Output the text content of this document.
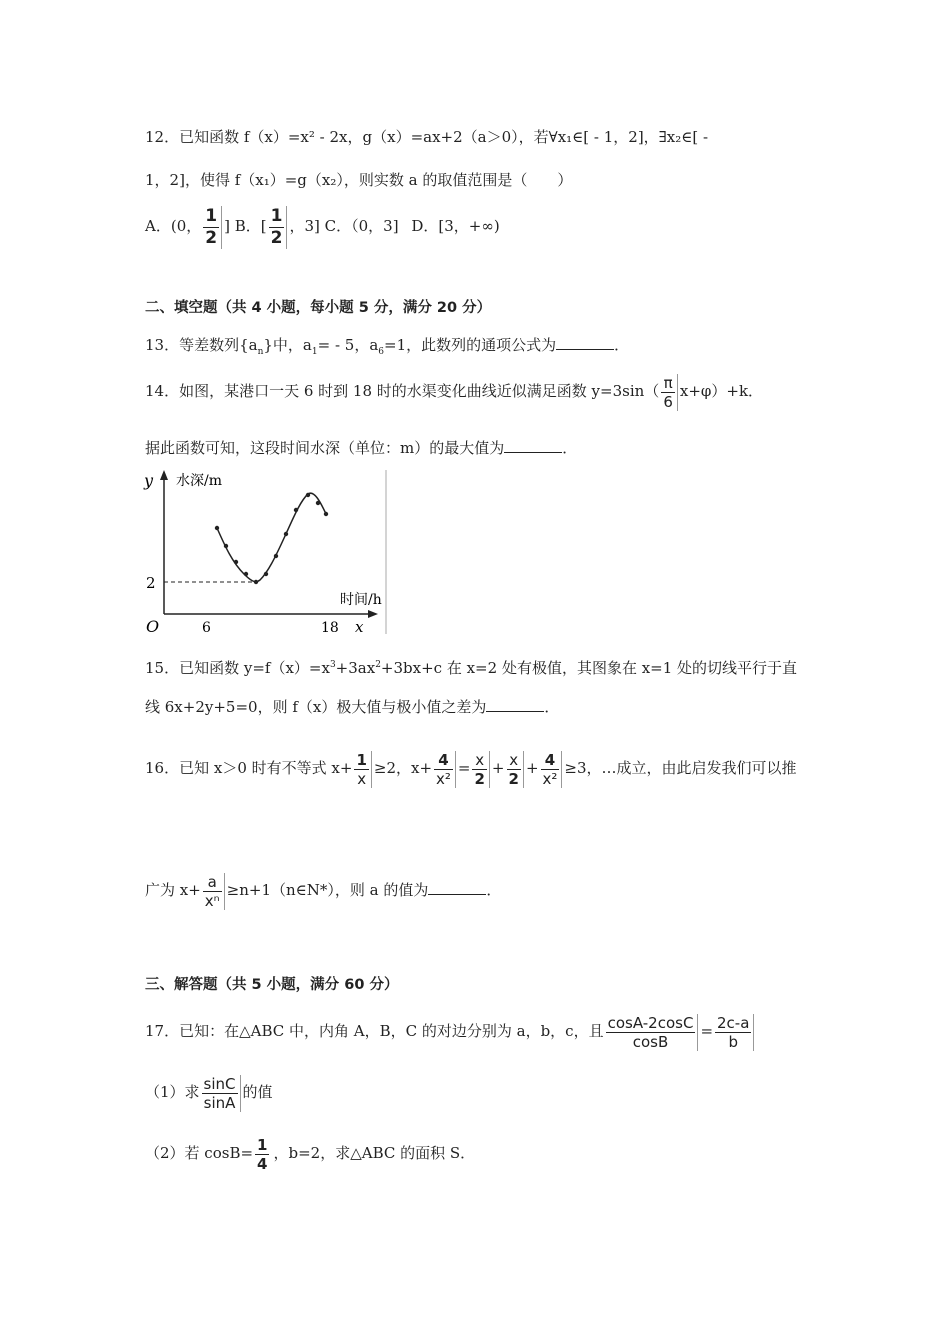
12．已知函数 f（x）=x² - 2x，g（x）=ax+2（a＞0），若∀x₁∈[ - 1，2]，∃x₂∈[ -
1，2]，使得 f（x₁）=g（x₂），则实数 a 的取值范围是（　　）
A．(0， $\frac{1}{2}$ ] B．[ $\frac{1}{2}$ ，3] C．（0，3] D．[3，+∞)
二、填空题（共 4 小题，每小题 5 分，满分 20 分）
13．等差数列$\{a_n\}$中，$a_1= - 5$，$a_6=1$，此数列的通项公式为	．
14．如图，某港口一天 6 时到 18 时的水渠变化曲线近似满足函数 $y=3\sin( \frac{\pi}{6} x+\varphi)+k$．
据此函数可知，这段时间水深（单位：m）的最大值为	．
y 水深/m
时间/h
x
O
2
6	18
15．已知函数 $y=f(x)=x^3+3ax^2+3bx+c$ 在 x=2 处有极值，其图象在 x=1 处的切线平行于直
线 6x+2y+5=0，则 f（x）极大值与极小值之差为	．
16．已知 x＞0 时有不等式 $x+ \frac{1}{x} \ge 2$，$x+ \frac{4}{\text{x²}} = \frac{x}{2} + \frac{x}{2} + \frac{4}{\text{x²}} \ge 3$，…成立，由此启发我们可以推
广为 $x+ \frac{a}{\text{xⁿ}}$ ≥n+1（n∈N*），则 a 的值为	．
三、解答题（共 5 小题，满分 60 分）
17．已知：在△ABC 中，内角 A，B，C 的对边分别为 a，b，c，且 $\frac{\cos A-2\cos C}{\cos B} = \frac{2c-a}{b}$
（1）求 $\frac{\sin C}{\sin A}$ 的值
（2）若 $\cos B= \frac{1}{4}$ ，b=2，求△ABC 的面积 S．
